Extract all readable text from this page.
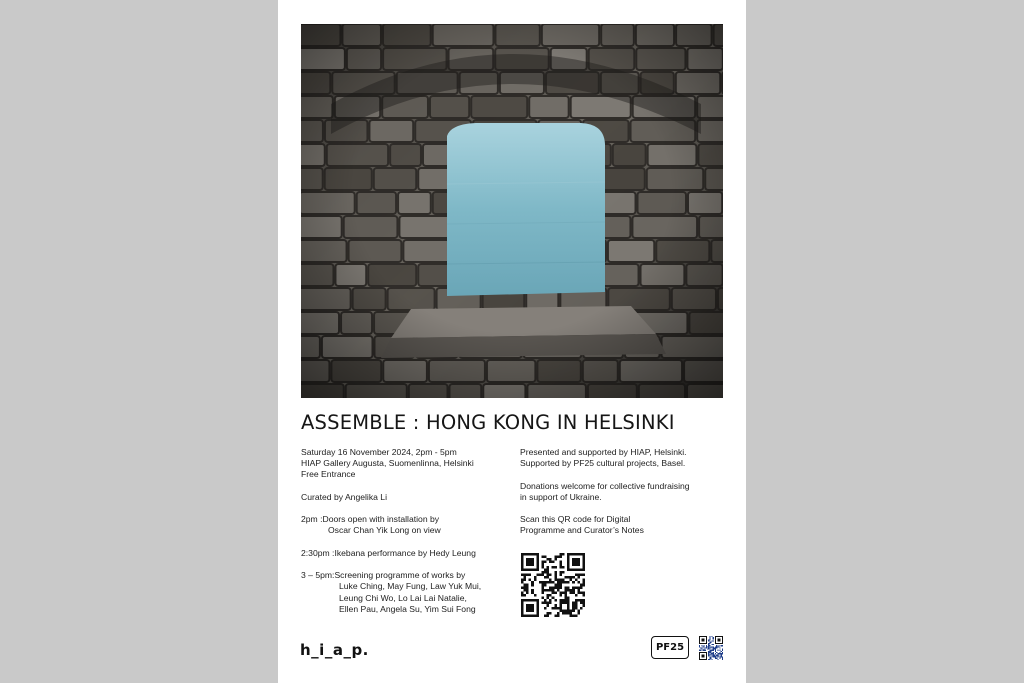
ASSEMBLE : HONG KONG IN HELSINKI
Saturday 16 November 2024, 2pm - 5pm
HIAP Gallery Augusta, Suomenlinna, Helsinki
Free Entrance
Curated by Angelika Li
2pm : Doors open with installation by
Oscar Chan Yik Long on view
2:30pm : Ikebana performance by Hedy Leung
3 – 5pm: Screening programme of works by
Luke Ching, May Fung, Law Yuk Mui,
Leung Chi Wo, Lo Lai Lai Natalie,
Ellen Pau, Angela Su, Yim Sui Fong
Presented and supported by HIAP, Helsinki.
Supported by PF25 cultural projects, Basel.
Donations welcome for collective fundraising
in support of Ukraine.
Scan this QR code for Digital
Programme and Curator’s Notes
h_i_a_p.	PF25
